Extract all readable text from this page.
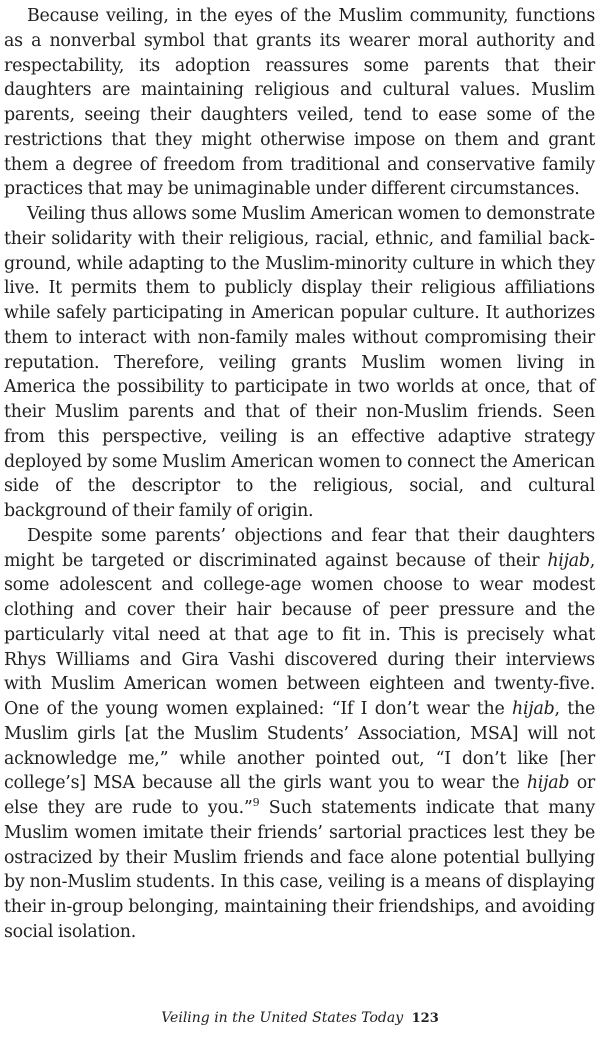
Because veiling, in the eyes of the Muslim community, functions as a nonverbal symbol that grants its wearer moral authority and respectability, its adoption reassures some parents that their daughters are maintaining religious and cultural values. Muslim parents, seeing their daughters veiled, tend to ease some of the restrictions that they might otherwise impose on them and grant them a degree of freedom from traditional and conservative family practices that may be unimaginable under different circumstances.

Veiling thus allows some Muslim American women to demonstrate their solidarity with their religious, racial, ethnic, and familial background, while adapting to the Muslim-minority culture in which they live. It permits them to publicly display their religious affiliations while safely participating in American popular culture. It authorizes them to interact with non-family males without compromising their reputation. Therefore, veiling grants Muslim women living in America the possibility to participate in two worlds at once, that of their Muslim parents and that of their non-Muslim friends. Seen from this perspective, veiling is an effective adaptive strategy deployed by some Muslim American women to connect the American side of the descriptor to the religious, social, and cultural background of their family of origin.

Despite some parents’ objections and fear that their daughters might be targeted or discriminated against because of their hijab, some adolescent and college-age women choose to wear modest clothing and cover their hair because of peer pressure and the particularly vital need at that age to fit in. This is precisely what Rhys Williams and Gira Vashi discovered during their interviews with Muslim American women between eighteen and twenty-five. One of the young women explained: “If I don’t wear the hijab, the Muslim girls [at the Muslim Students’ Association, MSA] will not acknowledge me,” while another pointed out, “I don’t like [her college’s] MSA because all the girls want you to wear the hijab or else they are rude to you.”$^9$ Such statements indicate that many Muslim women imitate their friends’ sartorial practices lest they be ostracized by their Muslim friends and face alone potential bullying by non-Muslim students. In this case, veiling is a means of displaying their in-group belonging, maintaining their friendships, and avoiding social isolation.

Veiling in the United States Today 123
